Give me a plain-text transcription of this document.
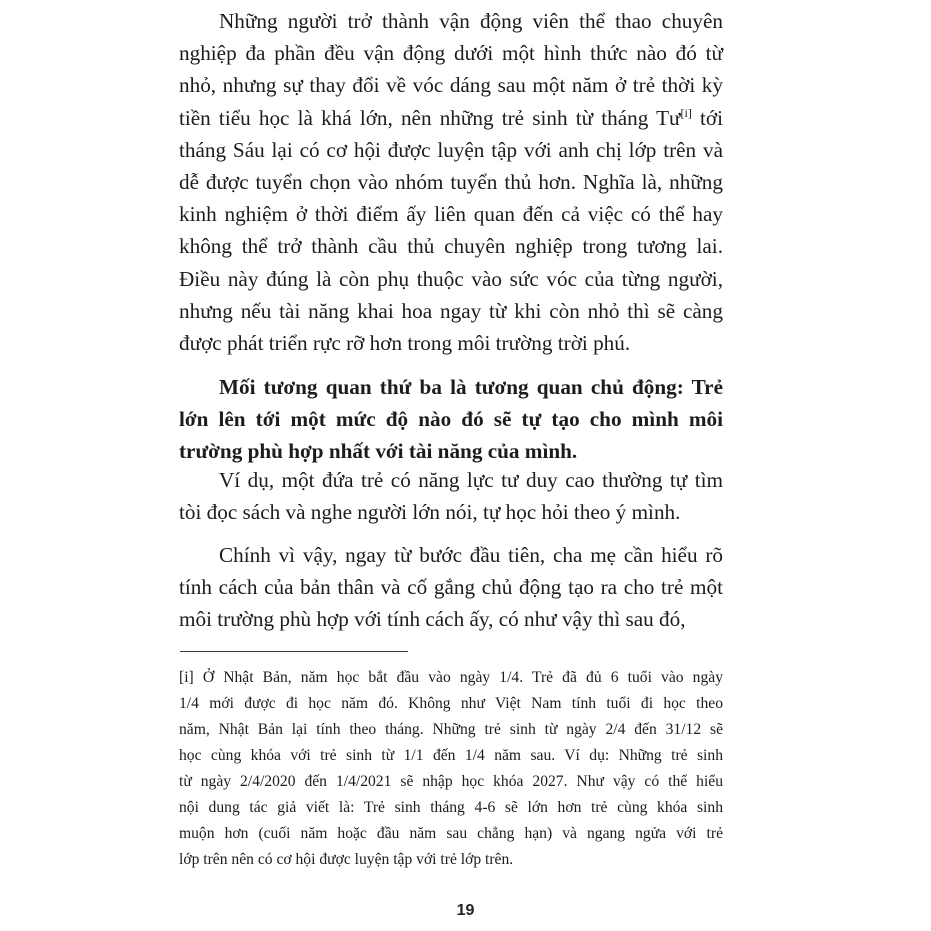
Những người trở thành vận động viên thể thao chuyên
nghiệp đa phần đều vận động dưới một hình thức nào đó từ
nhỏ, nhưng sự thay đổi về vóc dáng sau một năm ở trẻ thời kỳ
tiền tiểu học là khá lớn, nên những trẻ sinh từ tháng Tư[i] tới
tháng Sáu lại có cơ hội được luyện tập với anh chị lớp trên và
dễ được tuyển chọn vào nhóm tuyển thủ hơn. Nghĩa là, những
kinh nghiệm ở thời điểm ấy liên quan đến cả việc có thể hay
không thể trở thành cầu thủ chuyên nghiệp trong tương lai.
Điều này đúng là còn phụ thuộc vào sức vóc của từng người,
nhưng nếu tài năng khai hoa ngay từ khi còn nhỏ thì sẽ càng
được phát triển rực rỡ hơn trong môi trường trời phú.

Mối tương quan thứ ba là tương quan chủ động: Trẻ
lớn lên tới một mức độ nào đó sẽ tự tạo cho mình môi
trường phù hợp nhất với tài năng của mình.

Ví dụ, một đứa trẻ có năng lực tư duy cao thường tự tìm
tòi đọc sách và nghe người lớn nói, tự học hỏi theo ý mình.

Chính vì vậy, ngay từ bước đầu tiên, cha mẹ cần hiểu rõ
tính cách của bản thân và cố gắng chủ động tạo ra cho trẻ một
môi trường phù hợp với tính cách ấy, có như vậy thì sau đó,

[i] Ở Nhật Bản, năm học bắt đầu vào ngày 1/4. Trẻ đã đủ 6 tuổi vào ngày
1/4 mới được đi học năm đó. Không như Việt Nam tính tuổi đi học theo
năm, Nhật Bản lại tính theo tháng. Những trẻ sinh từ ngày 2/4 đến 31/12 sẽ
học cùng khóa với trẻ sinh từ 1/1 đến 1/4 năm sau. Ví dụ: Những trẻ sinh
từ ngày 2/4/2020 đến 1/4/2021 sẽ nhập học khóa 2027. Như vậy có thể hiểu
nội dung tác giả viết là: Trẻ sinh tháng 4-6 sẽ lớn hơn trẻ cùng khóa sinh
muộn hơn (cuối năm hoặc đầu năm sau chẳng hạn) và ngang ngửa với trẻ
lớp trên nên có cơ hội được luyện tập với trẻ lớp trên.

19
